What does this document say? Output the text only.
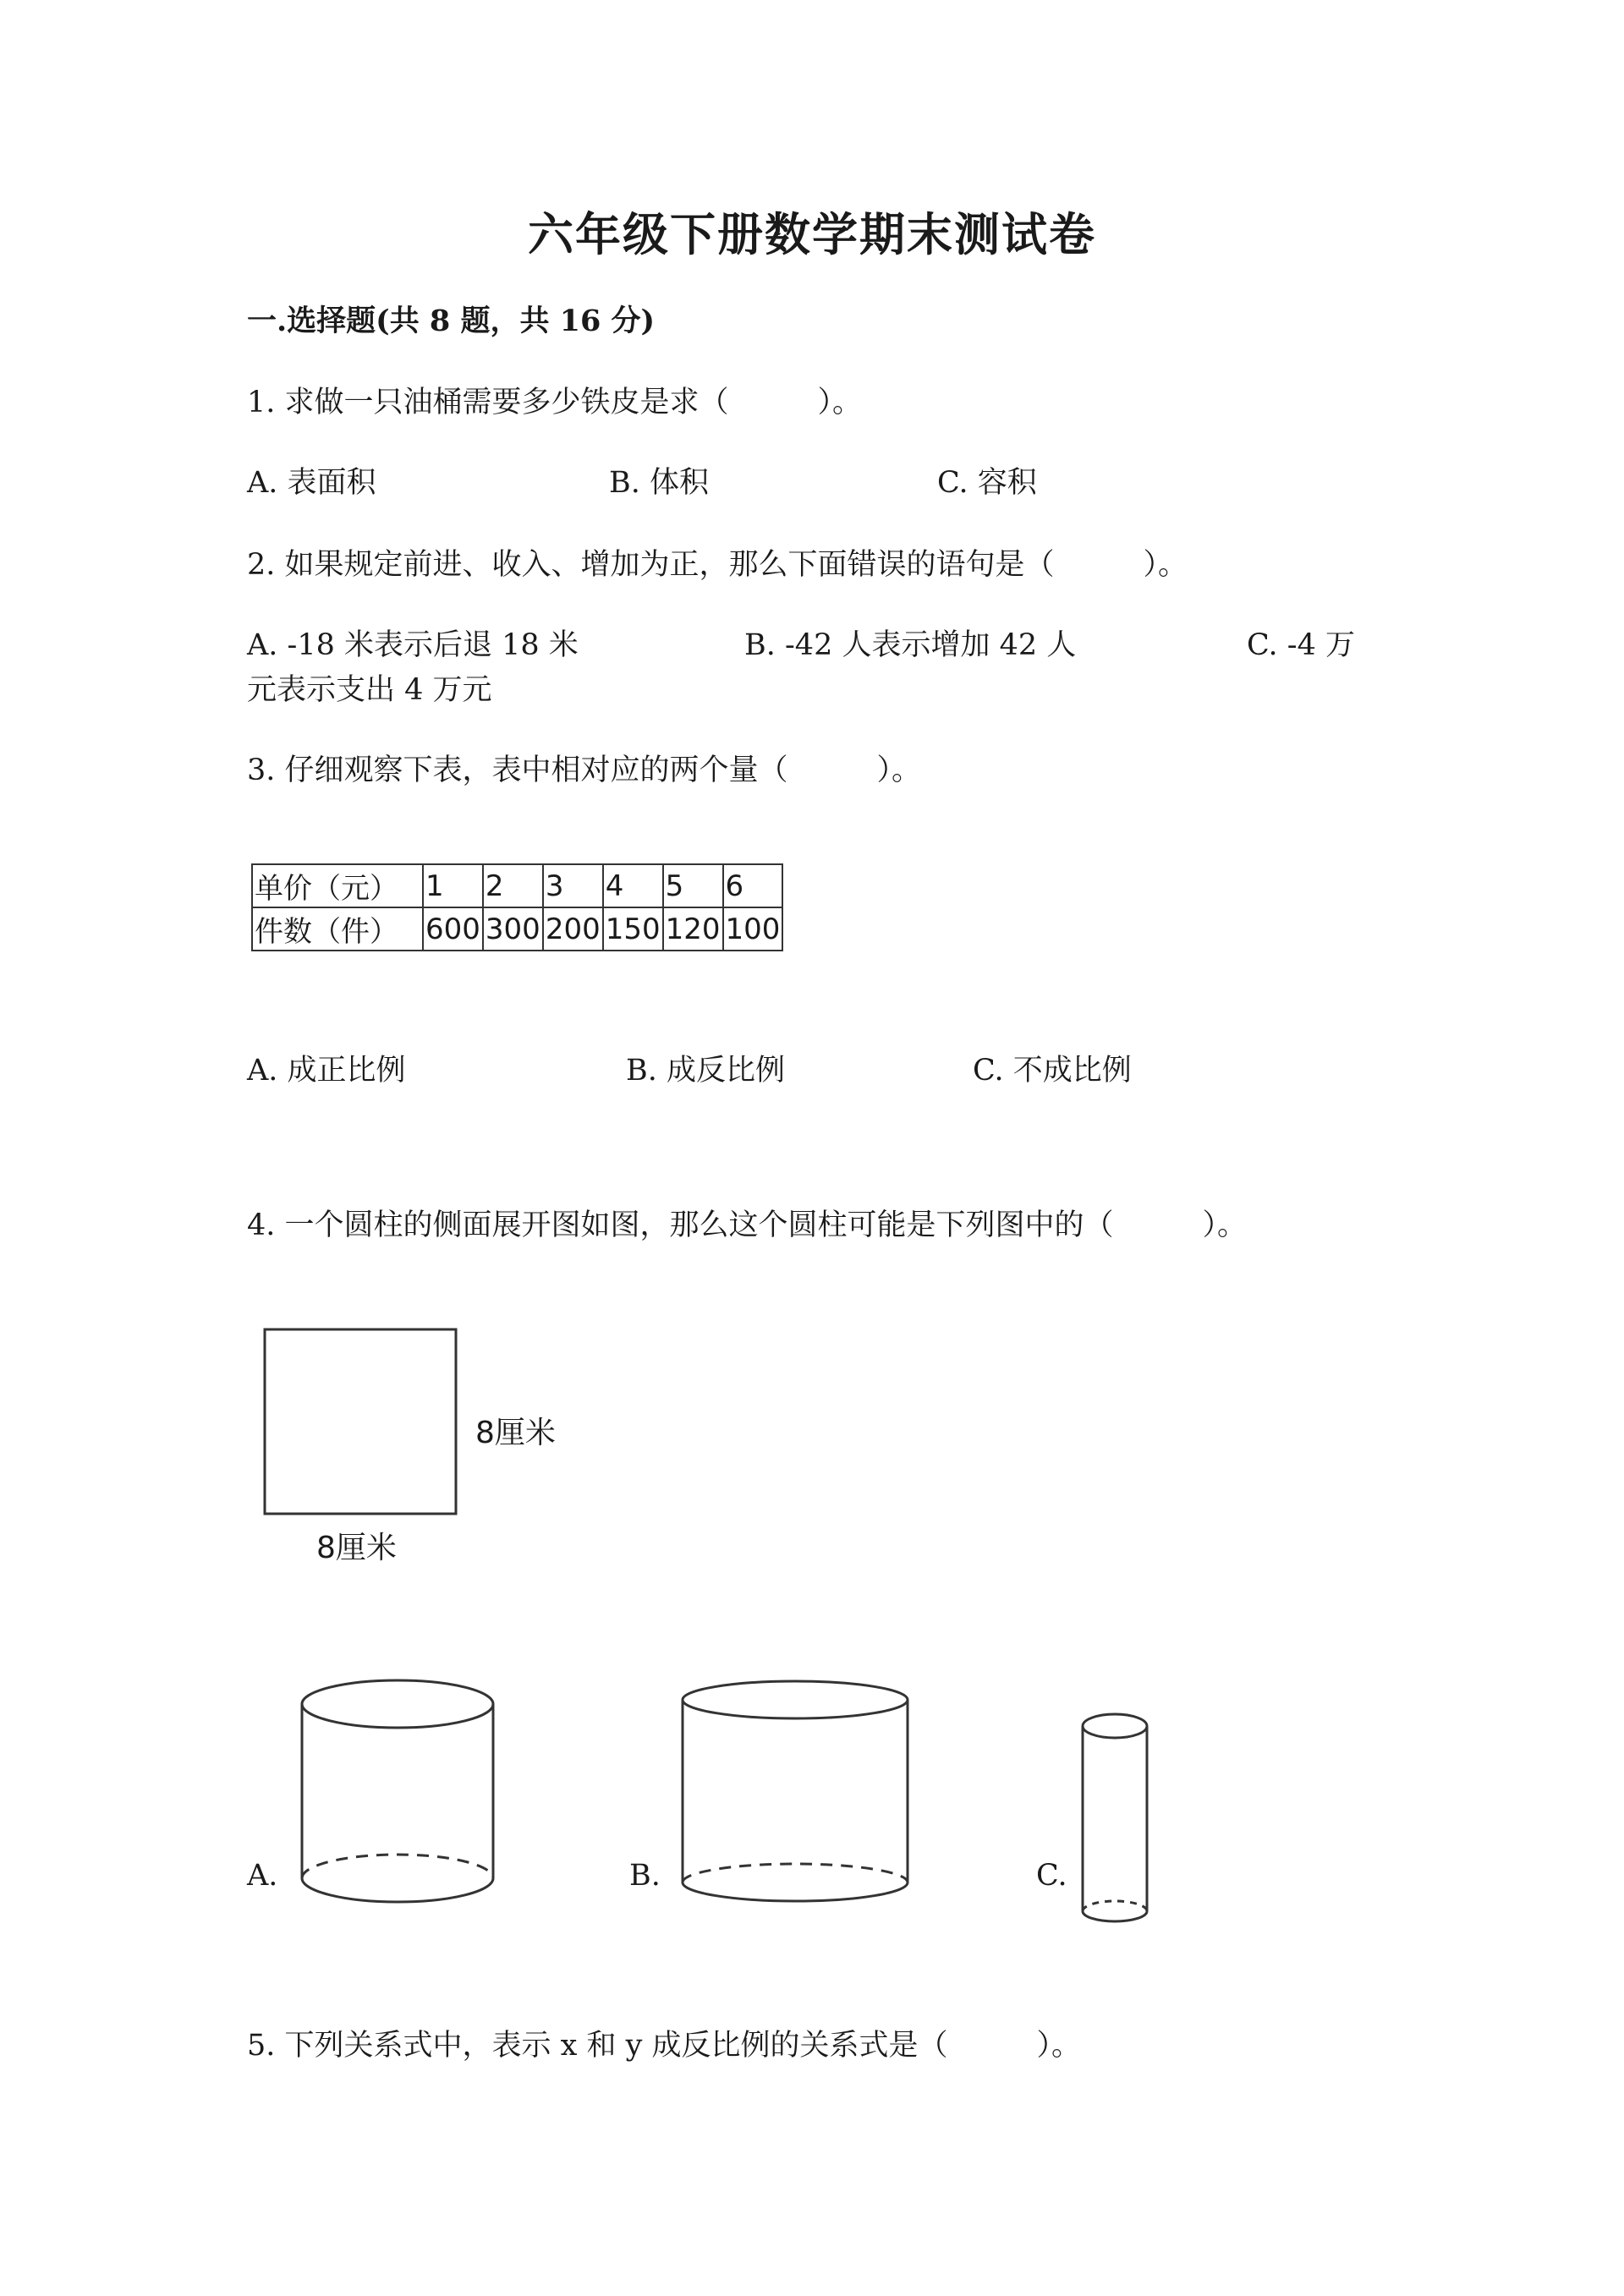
六年级下册数学期末测试卷
一.选择题(共 8 题，共 16 分)
1. 求做一只油桶需要多少铁皮是求（　　　）。
A. 表面积	B. 体积	C. 容积
2. 如果规定前进、收入、增加为正，那么下面错误的语句是（　　　）。
A. -18 米表示后退 18 米	B. -42 人表示增加 42 人	C. -4 万
元表示支出 4 万元
3. 仔细观察下表，表中相对应的两个量（　　　）。
单价（元）	1	2	3	4	5	6
件数（件）	600	300	200	150	120	100
A. 成正比例	B. 成反比例	C. 不成比例
4. 一个圆柱的侧面展开图如图，那么这个圆柱可能是下列图中的（　　　）。
8厘米
8厘米
A.	B.	C.
5. 下列关系式中，表示 x 和 y 成反比例的关系式是（　　　）。
